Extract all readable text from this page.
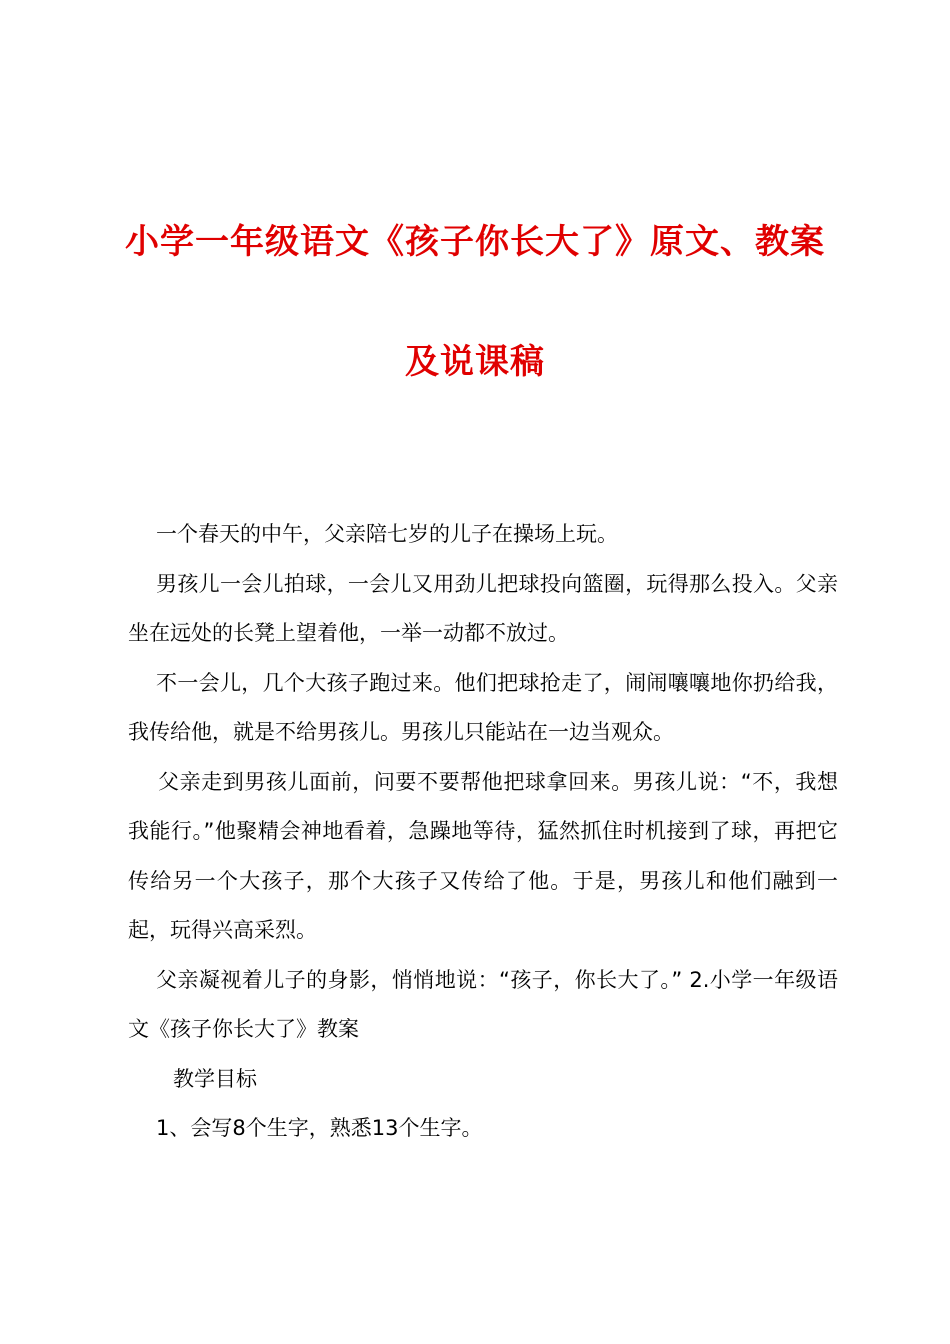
小学一年级语文《孩子你长大了》原文、教案
及说课稿

一个春天的中午，父亲陪七岁的儿子在操场上玩。

男孩儿一会儿拍球，一会儿又用劲儿把球投向篮圈，玩得那么投入。父亲坐在远处的长凳上望着他，一举一动都不放过。

不一会儿，几个大孩子跑过来。他们把球抢走了，闹闹嚷嚷地你扔给我，我传给他，就是不给男孩儿。男孩儿只能站在一边当观众。

父亲走到男孩儿面前，问要不要帮他把球拿回来。男孩儿说：“不，我想我能行。”他聚精会神地看着，急躁地等待，猛然抓住时机接到了球，再把它传给另一个大孩子，那个大孩子又传给了他。于是，男孩儿和他们融到一起，玩得兴高采烈。

父亲凝视着儿子的身影，悄悄地说：“孩子，你长大了。” 2.小学一年级语文《孩子你长大了》教案

教学目标

1、会写8个生字，熟悉13个生字。
